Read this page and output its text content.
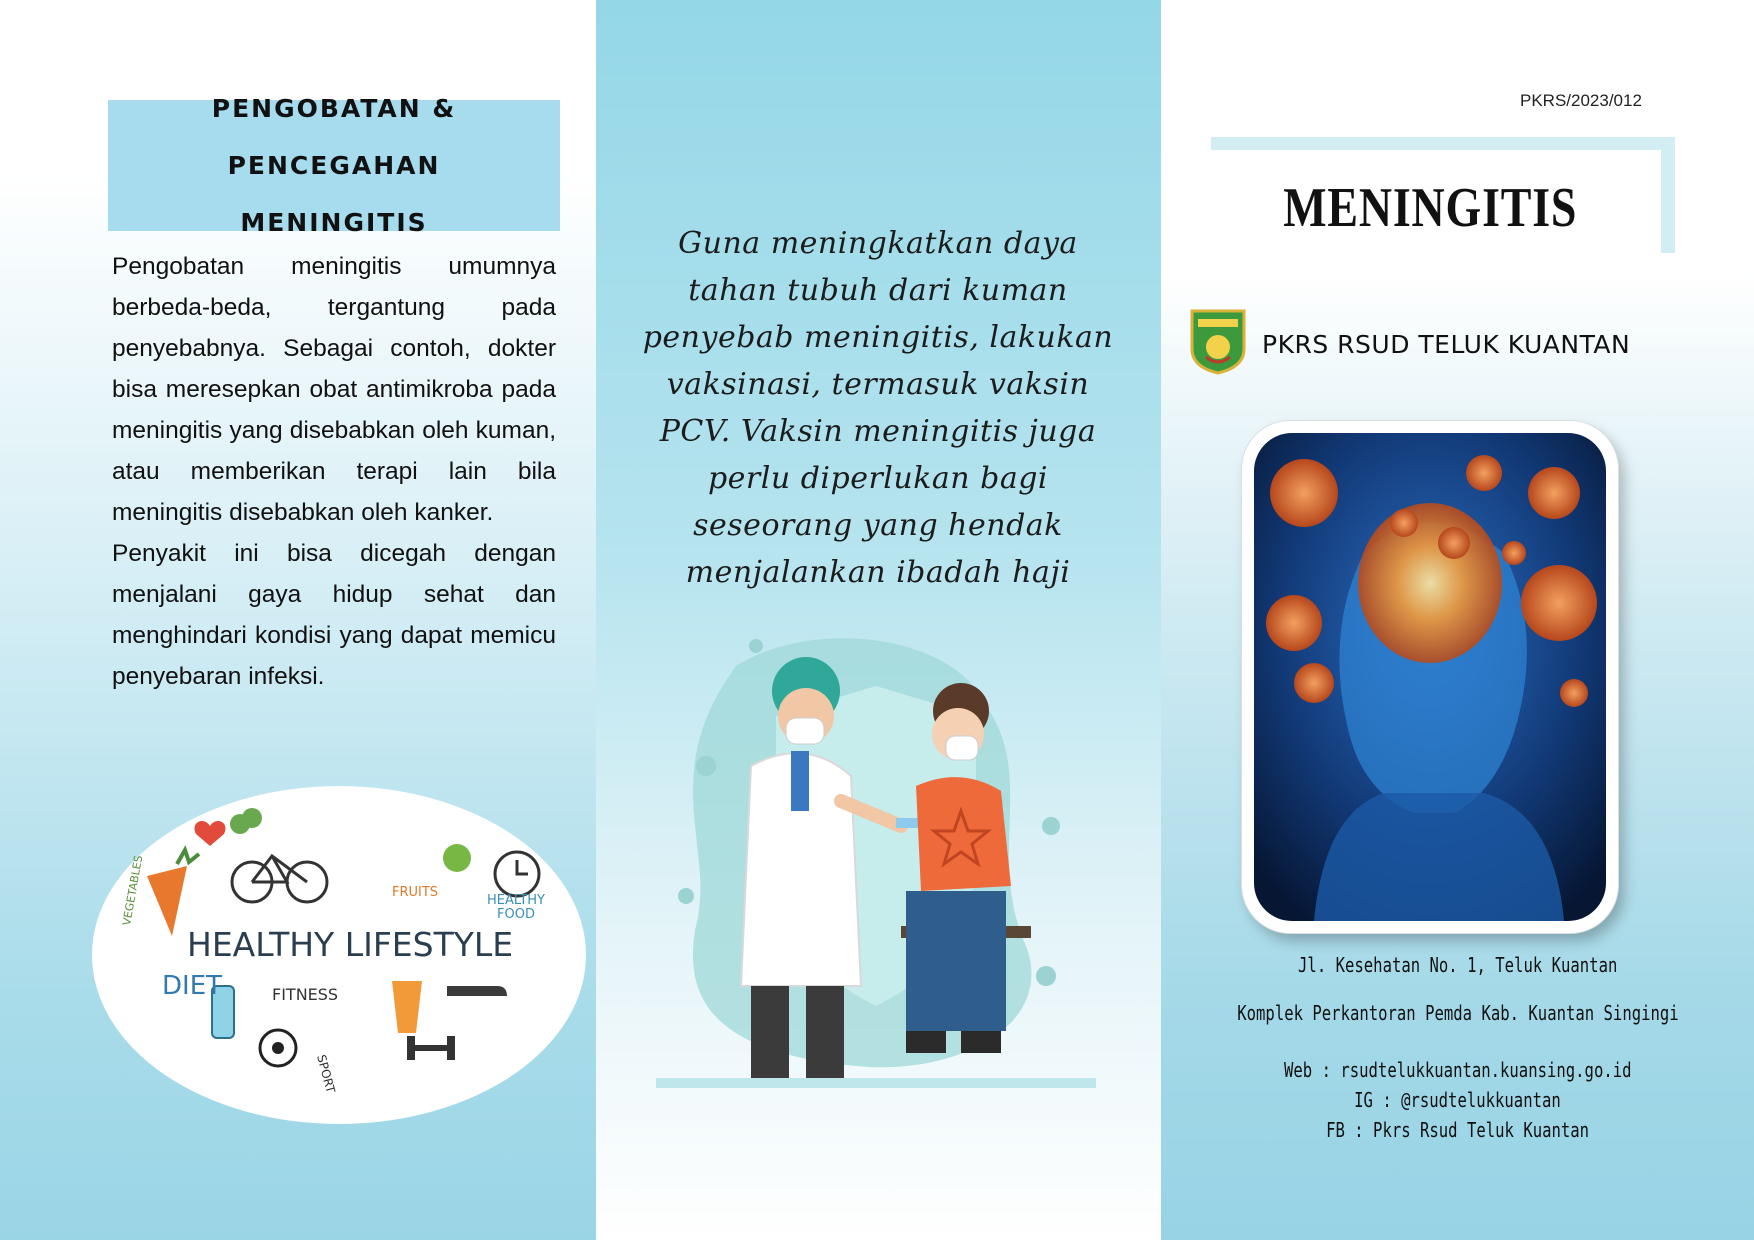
PENGOBATAN & PENCEGAHAN
MENINGITIS

Pengobatan meningitis umumnya berbeda-beda, tergantung pada penyebabnya. Sebagai contoh, dokter bisa meresepkan obat antimikroba pada meningitis yang disebabkan oleh kuman, atau memberikan terapi lain bila meningitis disebabkan oleh kanker.

Penyakit ini bisa dicegah dengan menjalani gaya hidup sehat dan menghindari kondisi yang dapat memicu penyebaran infeksi.

HEALTHY LIFESTYLE
DIET	FITNESS
FRUITS
HEALTHY
FOOD
VEGETABLES
SPORT
Guna meningkatkan daya
tahan tubuh dari kuman
penyebab meningitis, lakukan
vaksinasi, termasuk vaksin
PCV. Vaksin meningitis juga
perlu diperlukan bagi
seseorang yang hendak
menjalankan ibadah haji
PKRS/2023/012
MENINGITIS
PKRS RSUD TELUK KUANTAN
Jl. Kesehatan No. 1, Teluk Kuantan
Komplek Perkantoran Pemda Kab. Kuantan Singingi
Web : rsudtelukkuantan.kuansing.go.id
IG : @rsudtelukkuantan
FB : Pkrs Rsud Teluk Kuantan
